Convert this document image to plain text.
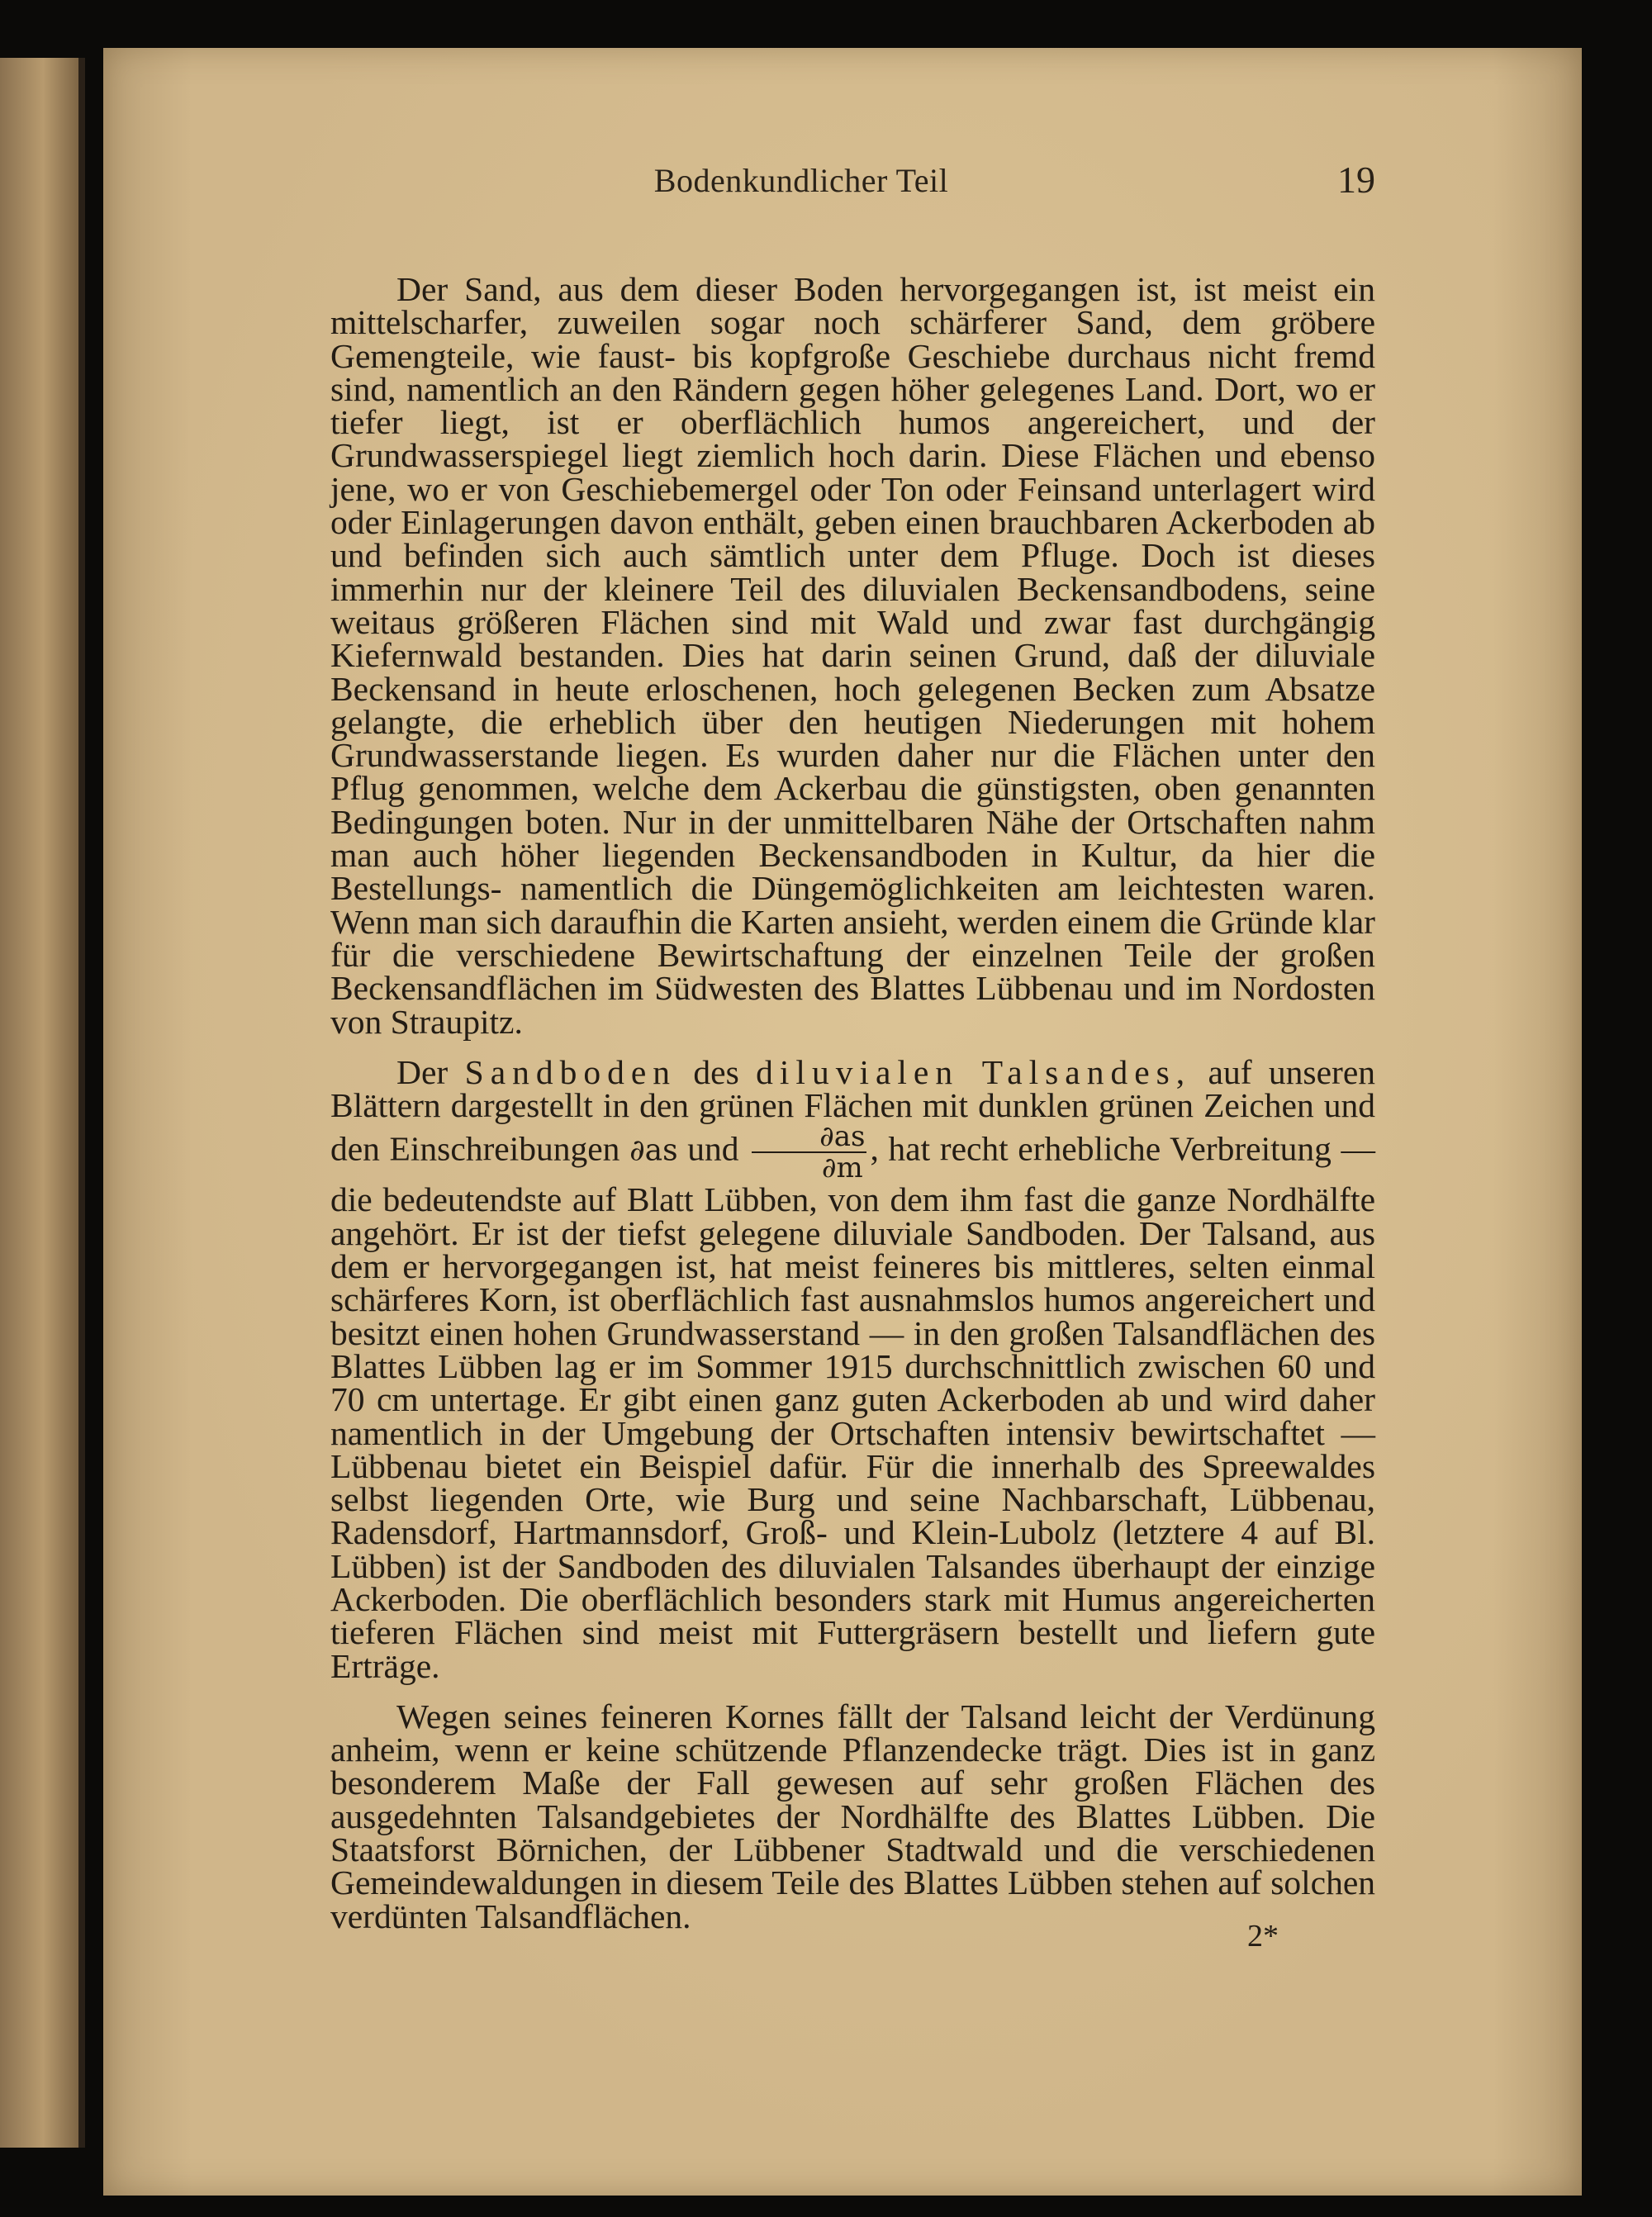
Bodenkundlicher Teil	19

Der Sand, aus dem dieser Boden hervorgegangen ist, ist meist ein mittelscharfer, zuweilen sogar noch schärferer Sand, dem gröbere Gemengteile, wie faust- bis kopfgroße Geschiebe durchaus nicht fremd sind, namentlich an den Rändern gegen höher gelegenes Land. Dort, wo er tiefer liegt, ist er oberflächlich humos angereichert, und der Grundwasserspiegel liegt ziemlich hoch darin. Diese Flächen und ebenso jene, wo er von Geschiebemergel oder Ton oder Feinsand unterlagert wird oder Einlagerungen davon enthält, geben einen brauchbaren Ackerboden ab und befinden sich auch sämtlich unter dem Pfluge. Doch ist dieses immerhin nur der kleinere Teil des diluvialen Beckensandbodens, seine weitaus größeren Flächen sind mit Wald und zwar fast durchgängig Kiefernwald bestanden. Dies hat darin seinen Grund, daß der diluviale Beckensand in heute erloschenen, hoch gelegenen Becken zum Absatze gelangte, die erheblich über den heutigen Niederungen mit hohem Grundwasserstande liegen. Es wurden daher nur die Flächen unter den Pflug genommen, welche dem Ackerbau die günstigsten, oben genannten Bedingungen boten. Nur in der unmittelbaren Nähe der Ortschaften nahm man auch höher liegenden Beckensandboden in Kultur, da hier die Bestellungs- namentlich die Düngemöglichkeiten am leichtesten waren. Wenn man sich daraufhin die Karten ansieht, werden einem die Gründe klar für die verschiedene Bewirtschaftung der einzelnen Teile der großen Beckensandflächen im Südwesten des Blattes Lübbenau und im Nordosten von Straupitz.

Der Sandboden des diluvialen Talsandes, auf unseren Blättern dargestellt in den grünen Flächen mit dunklen grünen Zeichen und den Einschreibungen ∂as und $\frac{\partial as}{\partial m}$ , hat recht erhebliche Verbreitung — die bedeutendste auf Blatt Lübben, von dem ihm fast die ganze Nordhälfte angehört. Er ist der tiefst gelegene diluviale Sandboden. Der Talsand, aus dem er hervorgegangen ist, hat meist feineres bis mittleres, selten einmal schärferes Korn, ist oberflächlich fast ausnahmslos humos angereichert und besitzt einen hohen Grundwasserstand — in den großen Talsandflächen des Blattes Lübben lag er im Sommer 1915 durchschnittlich zwischen 60 und 70 cm untertage. Er gibt einen ganz guten Ackerboden ab und wird daher namentlich in der Umgebung der Ortschaften intensiv bewirtschaftet — Lübbenau bietet ein Beispiel dafür. Für die innerhalb des Spreewaldes selbst liegenden Orte, wie Burg und seine Nachbarschaft, Lübbenau, Radensdorf, Hartmannsdorf, Groß- und Klein-Lubolz (letztere 4 auf Bl. Lübben) ist der Sandboden des diluvialen Talsandes überhaupt der einzige Ackerboden. Die oberflächlich besonders stark mit Humus angereicherten tieferen Flächen sind meist mit Futtergräsern bestellt und liefern gute Erträge.

Wegen seines feineren Kornes fällt der Talsand leicht der Verdünung anheim, wenn er keine schützende Pflanzendecke trägt. Dies ist in ganz besonderem Maße der Fall gewesen auf sehr großen Flächen des ausgedehnten Talsandgebietes der Nordhälfte des Blattes Lübben. Die Staatsforst Börnichen, der Lübbener Stadtwald und die verschiedenen Gemeindewaldungen in diesem Teile des Blattes Lübben stehen auf solchen verdünten Talsandflächen.

2*
